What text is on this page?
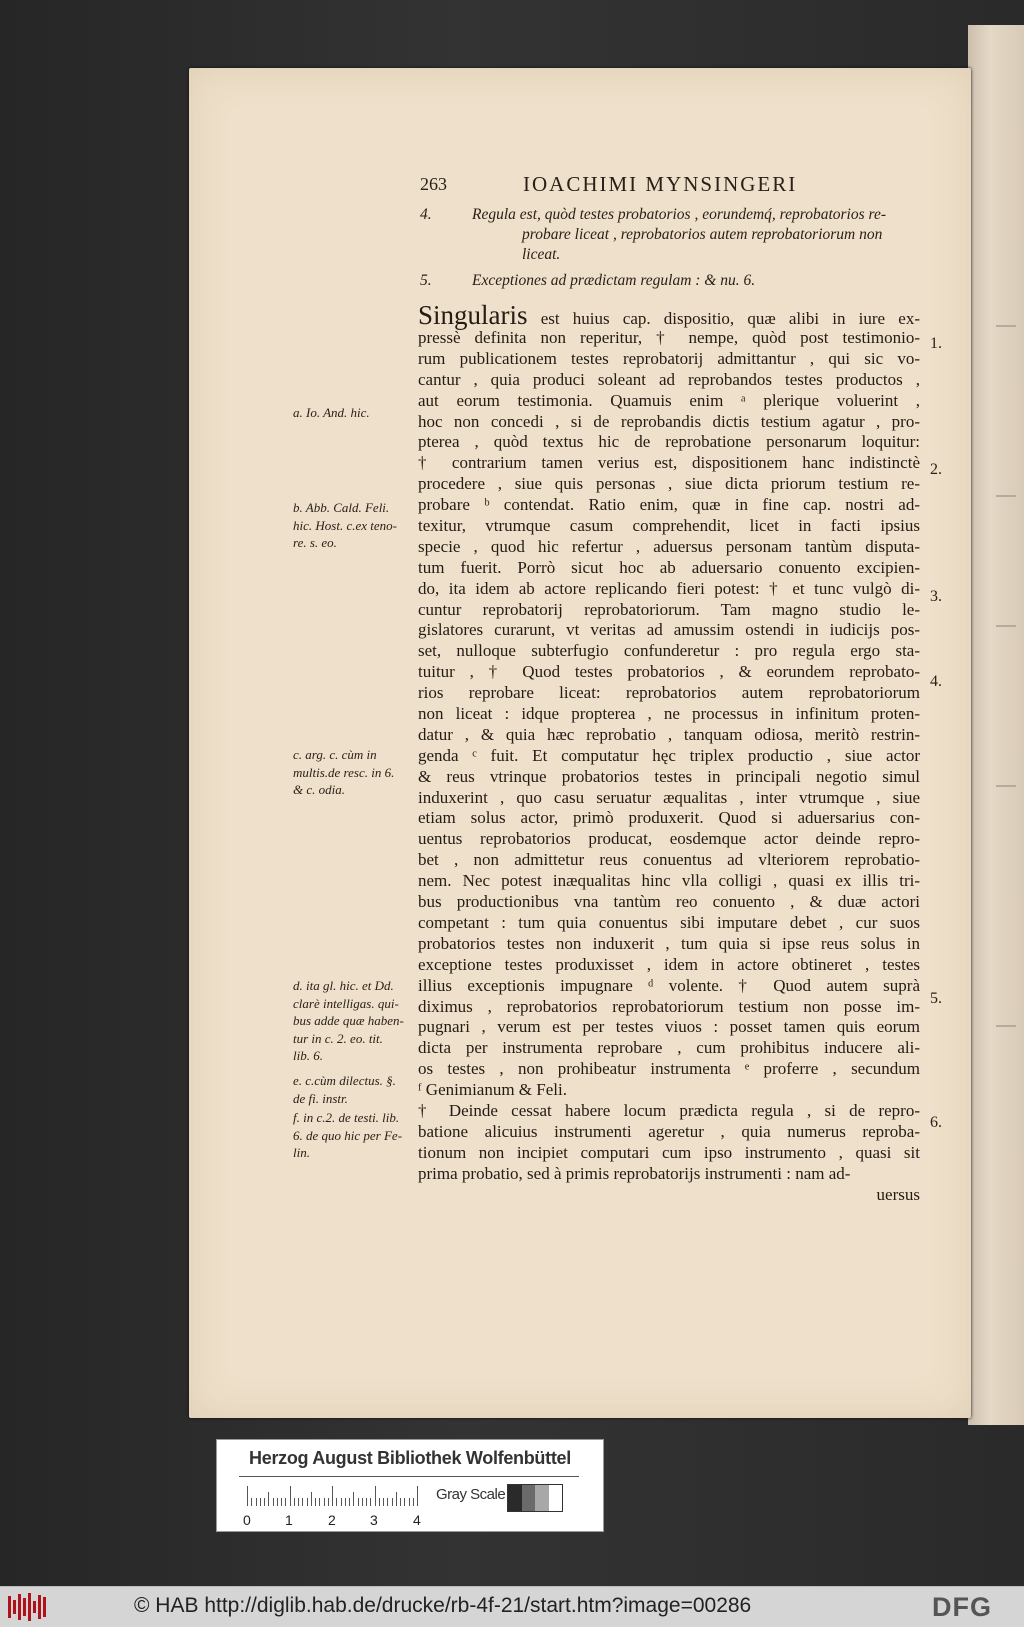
263	IOACHIMI MYNSINGERI
4.	Regula est, quòd testes probatorios , eorundemq́, reprobatorios re-
probare liceat , reprobatorios autem reprobatoriorum non
liceat.
5.	Exceptiones ad prædictam regulam : & nu. 6.
Singularis est huius cap. dispositio, quæ alibi in iure ex-
pressè definita non reperitur, † nempe, quòd post testimonio-
rum publicationem testes reprobatorij admittantur , qui sic vo-
cantur , quia produci soleant ad reprobandos testes productos ,
aut eorum testimonia. Quamuis enim ᵃ plerique voluerint ,
hoc non concedi , si de reprobandis dictis testium agatur , pro-
pterea , quòd textus hic de reprobatione personarum loquitur:
† contrarium tamen verius est, dispositionem hanc indistinctè
procedere , siue quis personas , siue dicta priorum testium re-
probare ᵇ contendat. Ratio enim, quæ in fine cap. nostri ad-
texitur, vtrumque casum comprehendit, licet in facti ipsius
specie , quod hic refertur , aduersus personam tantùm disputa-
tum fuerit. Porrò sicut hoc ab aduersario conuento excipien-
do, ita idem ab actore replicando fieri potest: † et tunc vulgò di-
cuntur reprobatorij reprobatoriorum. Tam magno studio le-
gislatores curarunt, vt veritas ad amussim ostendi in iudicijs pos-
set, nulloque subterfugio confunderetur : pro regula ergo sta-
tuitur , † Quod testes probatorios , & eorundem reprobato-
rios reprobare liceat: reprobatorios autem reprobatoriorum
non liceat : idque propterea , ne processus in infinitum proten-
datur , & quia hæc reprobatio , tanquam odiosa, meritò restrin-
genda ᶜ fuit. Et computatur hęc triplex productio , siue actor
& reus vtrinque probatorios testes in principali negotio simul
induxerint , quo casu seruatur æqualitas , inter vtrumque , siue
etiam solus actor, primò produxerit. Quod si aduersarius con-
uentus reprobatorios producat, eosdemque actor deinde repro-
bet , non admittetur reus conuentus ad vlteriorem reprobatio-
nem. Nec potest inæqualitas hinc vlla colligi , quasi ex illis tri-
bus productionibus vna tantùm reo conuento , & duæ actori
competant : tum quia conuentus sibi imputare debet , cur suos
probatorios testes non induxerit , tum quia si ipse reus solus in
exceptione testes produxisset , idem in actore obtineret , testes
illius exceptionis impugnare ᵈ volente. † Quod autem suprà
diximus , reprobatorios reprobatoriorum testium non posse im-
pugnari , verum est per testes viuos : posset tamen quis eorum
dicta per instrumenta reprobare , cum prohibitus inducere ali-
os testes , non prohibeatur instrumenta ᵉ proferre , secundum
ᶠ Genimianum & Feli.
† Deinde cessat habere locum prædicta regula , si de repro-
batione alicuius instrumenti ageretur , quia numerus reproba-
tionum non incipiet computari cum ipso instrumento , quasi sit
prima probatio, sed à primis reprobatorijs instrumenti : nam ad-
uersus
a. Io. And. hic.
b. Abb. Cald. Feli.
hic. Host. c.ex teno-
re. s. eo.
c. arg. c. cùm in
multis.de resc. in 6.
& c. odia.
d. ita gl. hic. et Dd.
clarè intelligas. qui-
bus adde quæ haben-
tur in c. 2. eo. tit.
lib. 6.
e. c.cùm dilectus. §.
de fi. instr.
f. in c.2. de testi. lib.
6. de quo hic per Fe-
lin.
1.
2.
3.
4.
5.
6.
Herzog August Bibliothek Wolfenbüttel
0 1	2 3	4
Gray Scale
© HAB http://diglib.hab.de/drucke/rb-4f-21/start.htm?image=00286	DFG
